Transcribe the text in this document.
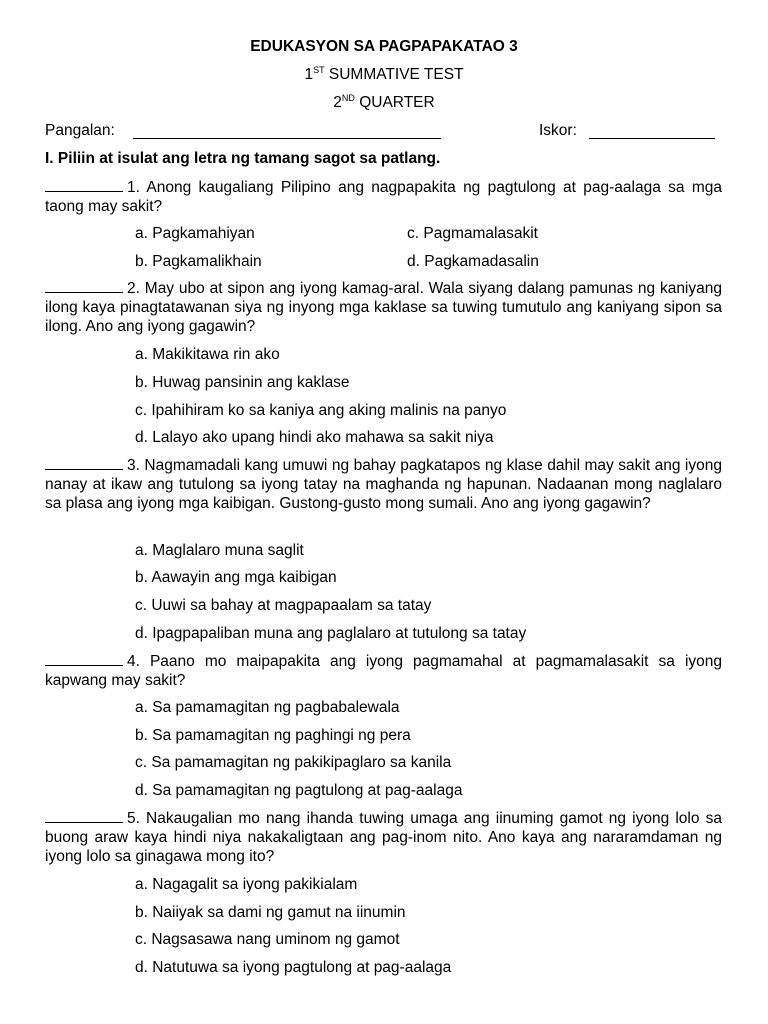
EDUKASYON SA PAGPAPAKATAO 3
1ST SUMMATIVE TEST
2ND QUARTER
Pangalan:	Iskor:
I. Piliin at isulat ang letra ng tamang sagot sa patlang.
1. Anong kaugaliang Pilipino ang nagpapakita ng pagtulong at pag-aalaga sa mga taong may sakit?
a. Pagkamahiyan	c. Pagmamalasakit
b. Pagkamalikhain	d. Pagkamadasalin
2. May ubo at sipon ang iyong kamag-aral. Wala siyang dalang pamunas ng kaniyang ilong kaya pinagtatawanan siya ng inyong mga kaklase sa tuwing tumutulo ang kaniyang sipon sa ilong. Ano ang iyong gagawin?
a. Makikitawa rin ako
b. Huwag pansinin ang kaklase
c. Ipahihiram ko sa kaniya ang aking malinis na panyo
d. Lalayo ako upang hindi ako mahawa sa sakit niya
3. Nagmamadali kang umuwi ng bahay pagkatapos ng klase dahil may sakit ang iyong nanay at ikaw ang tutulong sa iyong tatay na maghanda ng hapunan. Nadaanan mong naglalaro sa plasa ang iyong mga kaibigan. Gustong-gusto mong sumali. Ano ang iyong gagawin?
a. Maglalaro muna saglit
b. Aawayin ang mga kaibigan
c. Uuwi sa bahay at magpapaalam sa tatay
d. Ipagpapaliban muna ang paglalaro at tutulong sa tatay
4. Paano mo maipapakita ang iyong pagmamahal at pagmamalasakit sa iyong kapwang may sakit?
a. Sa pamamagitan ng pagbabalewala
b. Sa pamamagitan ng paghingi ng pera
c. Sa pamamagitan ng pakikipaglaro sa kanila
d. Sa pamamagitan ng pagtulong at pag-aalaga
5. Nakaugalian mo nang ihanda tuwing umaga ang iinuming gamot ng iyong lolo sa buong araw kaya hindi niya nakakaligtaan ang pag-inom nito. Ano kaya ang nararamdaman ng iyong lolo sa ginagawa mong ito?
a. Nagagalit sa iyong pakikialam
b. Naiiyak sa dami ng gamut na iinumin
c. Nagsasawa nang uminom ng gamot
d. Natutuwa sa iyong pagtulong at pag-aalaga
